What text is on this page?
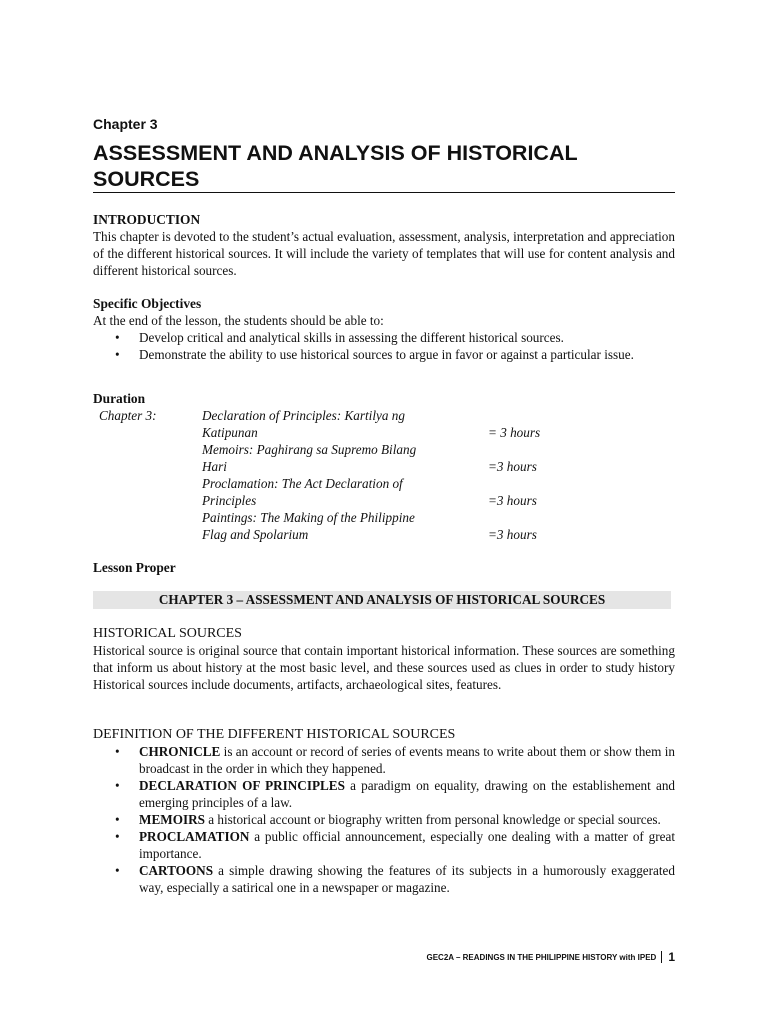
Chapter 3
ASSESSMENT AND ANALYSIS OF HISTORICAL SOURCES
INTRODUCTION
This chapter is devoted to the student’s actual evaluation, assessment, analysis, interpretation and appreciation of the different historical sources. It will include the variety of templates that will use for content analysis and different historical sources.
Specific Objectives
At the end of the lesson, the students should be able to:
• Develop critical and analytical skills in assessing the different historical sources.
• Demonstrate the ability to use historical sources to argue in favor or against a particular issue.
Duration
Chapter 3:	Declaration of Principles: Kartilya ng
Katipunan	= 3 hours
Memoirs: Paghirang sa Supremo Bilang
Hari	=3 hours
Proclamation: The Act Declaration of
Principles	=3 hours
Paintings: The Making of the Philippine
Flag and Spolarium	=3 hours
Lesson Proper
CHAPTER 3 – ASSESSMENT AND ANALYSIS OF HISTORICAL SOURCES
HISTORICAL SOURCES
Historical source is original source that contain important historical information. These sources are something that inform us about history at the most basic level, and these sources used as clues in order to study history Historical sources include documents, artifacts, archaeological sites, features.
DEFINITION OF THE DIFFERENT HISTORICAL SOURCES
• CHRONICLE is an account or record of series of events means to write about them or show them in broadcast in the order in which they happened.
• DECLARATION OF PRINCIPLES a paradigm on equality, drawing on the establishement and emerging principles of a law.
• MEMOIRS a historical account or biography written from personal knowledge or special sources.
• PROCLAMATION a public official announcement, especially one dealing with a matter of great importance.
• CARTOONS a simple drawing showing the features of its subjects in a humorously exaggerated way, especially a satirical one in a newspaper or magazine.
GEC2A – READINGS IN THE PHILIPPINE HISTORY with IPED 1
